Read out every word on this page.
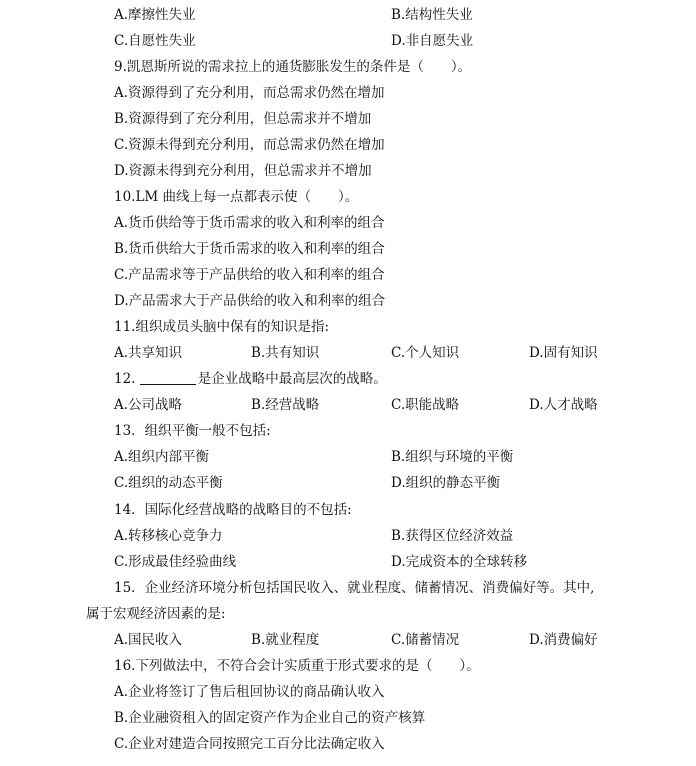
A.摩擦性失业	B.结构性失业
C.自愿性失业	D.非自愿失业
9.凯恩斯所说的需求拉上的通货膨胀发生的条件是（　　）。
A.资源得到了充分利用，而总需求仍然在增加
B.资源得到了充分利用，但总需求并不增加
C.资源未得到充分利用，而总需求仍然在增加
D.资源未得到充分利用，但总需求并不增加
10.LM 曲线上每一点都表示使（　　）。
A.货币供给等于货币需求的收入和利率的组合
B.货币供给大于货币需求的收入和利率的组合
C.产品需求等于产品供给的收入和利率的组合
D.产品需求大于产品供给的收入和利率的组合
11.组织成员头脑中保有的知识是指:
A.共享知识	B.共有知识	C.个人知识	D.固有知识
12.	是企业战略中最高层次的战略。
A.公司战略	B.经营战略	C.职能战略	D.人才战略
13．组织平衡一般不包括:
A.组织内部平衡	B.组织与环境的平衡
C.组织的动态平衡	D.组织的静态平衡
14．国际化经营战略的战略目的不包括:
A.转移核心竞争力	B.获得区位经济效益
C.形成最佳经验曲线	D.完成资本的全球转移
15．企业经济环境分析包括国民收入、就业程度、储蓄情况、消费偏好等。其中,
属于宏观经济因素的是:
A.国民收入	B.就业程度	C.储蓄情况	D.消费偏好
16.下列做法中，不符合会计实质重于形式要求的是（　　）。
A.企业将签订了售后租回协议的商品确认收入
B.企业融资租入的固定资产作为企业自己的资产核算
C.企业对建造合同按照完工百分比法确定收入
